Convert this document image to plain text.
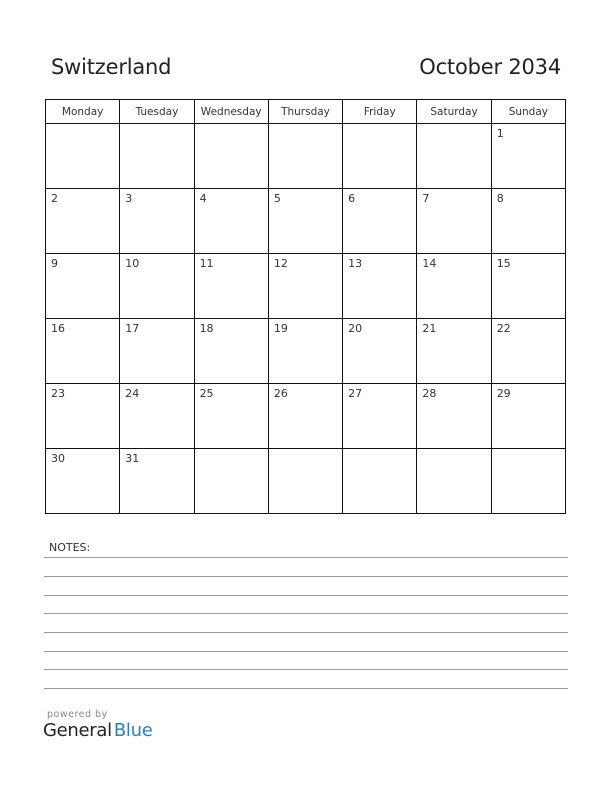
Switzerland	October 2034
Monday	Tuesday	Wednesday	Thursday	Friday	Saturday	Sunday

						1

2	3	4	5	6	7	8

9	10	11	12	13	14	15

16	17	18	19	20	21	22

23	24	25	26	27	28	29

30	31					

NOTES:
powered by
General Blue
